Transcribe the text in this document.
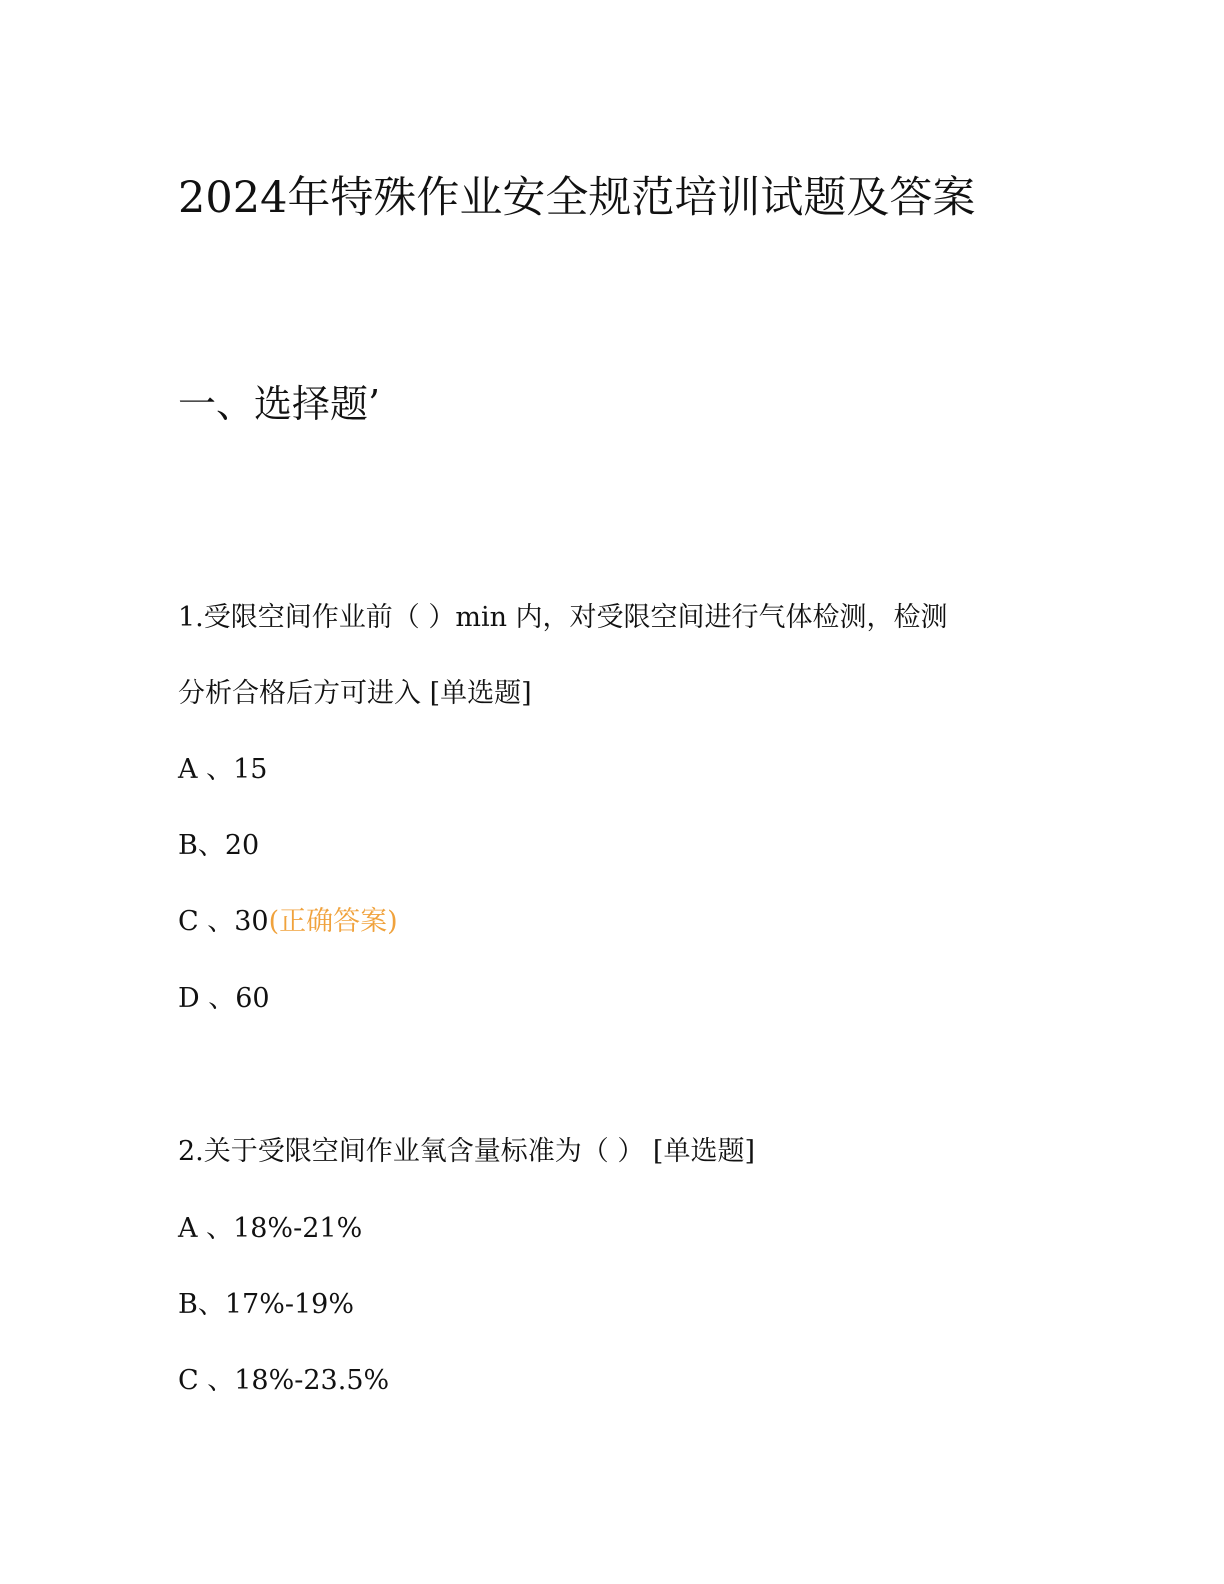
2024年特殊作业安全规范培训试题及答案
一、选择题’
1.受限空间作业前（ ）min 内，对受限空间进行气体检测，检测
分析合格后方可进入 [单选题]
A 、15
B、20
C 、30(正确答案)
D 、60
2.关于受限空间作业氧含量标准为（ ） [单选题]
A 、18%-21%
B、17%-19%
C 、18%-23.5%
